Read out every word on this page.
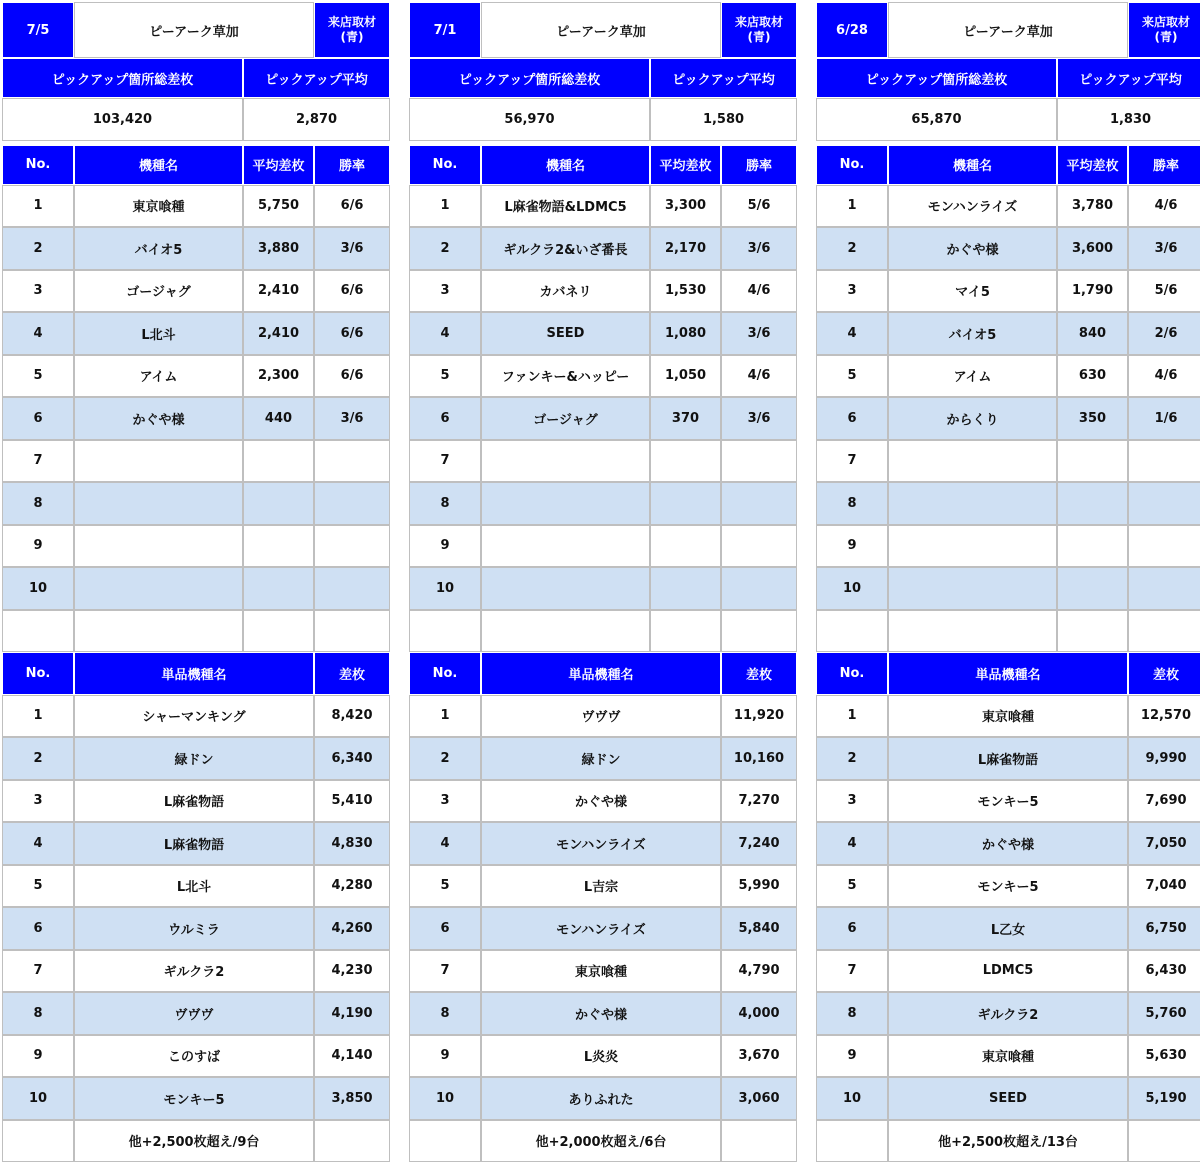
7/5	ピーアーク草加
来店取材
(青)
ピックアップ箇所総差枚	ピックアップ平均
103,420	2,870
No.	機種名	平均差枚	勝率
1	東京喰種	5,750	6/6
2	バイオ5	3,880	3/6
3	ゴージャグ	2,410	6/6
4	L北斗	2,410	6/6
5	アイム	2,300	6/6
6	かぐや様	440	3/6
7
8
9
10
No.	単品機種名	差枚
1	シャーマンキング	8,420
2	緑ドン	6,340
3	L麻雀物語	5,410
4	L麻雀物語	4,830
5	L北斗	4,280
6	ウルミラ	4,260
7	ギルクラ2	4,230
8	ヴヴヴ	4,190
9	このすば	4,140
10	モンキー5	3,850
他+2,500枚超え/9台
7/1	ピーアーク草加
来店取材
(青)
ピックアップ箇所総差枚	ピックアップ平均
56,970	1,580
No.	機種名	平均差枚	勝率
1	L麻雀物語&LDMC5	3,300	5/6
2	ギルクラ2&いざ番長	2,170	3/6
3	カバネリ	1,530	4/6
4	SEED	1,080	3/6
5	ファンキー&ハッピー	1,050	4/6
6	ゴージャグ	370	3/6
7
8
9
10
No.	単品機種名	差枚
1	ヴヴヴ	11,920
2	緑ドン	10,160
3	かぐや様	7,270
4	モンハンライズ	7,240
5	L吉宗	5,990
6	モンハンライズ	5,840
7	東京喰種	4,790
8	かぐや様	4,000
9	L炎炎	3,670
10	ありふれた	3,060
他+2,000枚超え/6台
6/28	ピーアーク草加
来店取材
(青)
ピックアップ箇所総差枚	ピックアップ平均
65,870	1,830
No.	機種名	平均差枚	勝率
1	モンハンライズ	3,780	4/6
2	かぐや様	3,600	3/6
3	マイ5	1,790	5/6
4	バイオ5	840	2/6
5	アイム	630	4/6
6	からくり	350	1/6
7
8
9
10
No.	単品機種名	差枚
1	東京喰種	12,570
2	L麻雀物語	9,990
3	モンキー5	7,690
4	かぐや様	7,050
5	モンキー5	7,040
6	L乙女	6,750
7	LDMC5	6,430
8	ギルクラ2	5,760
9	東京喰種	5,630
10	SEED	5,190
他+2,500枚超え/13台
